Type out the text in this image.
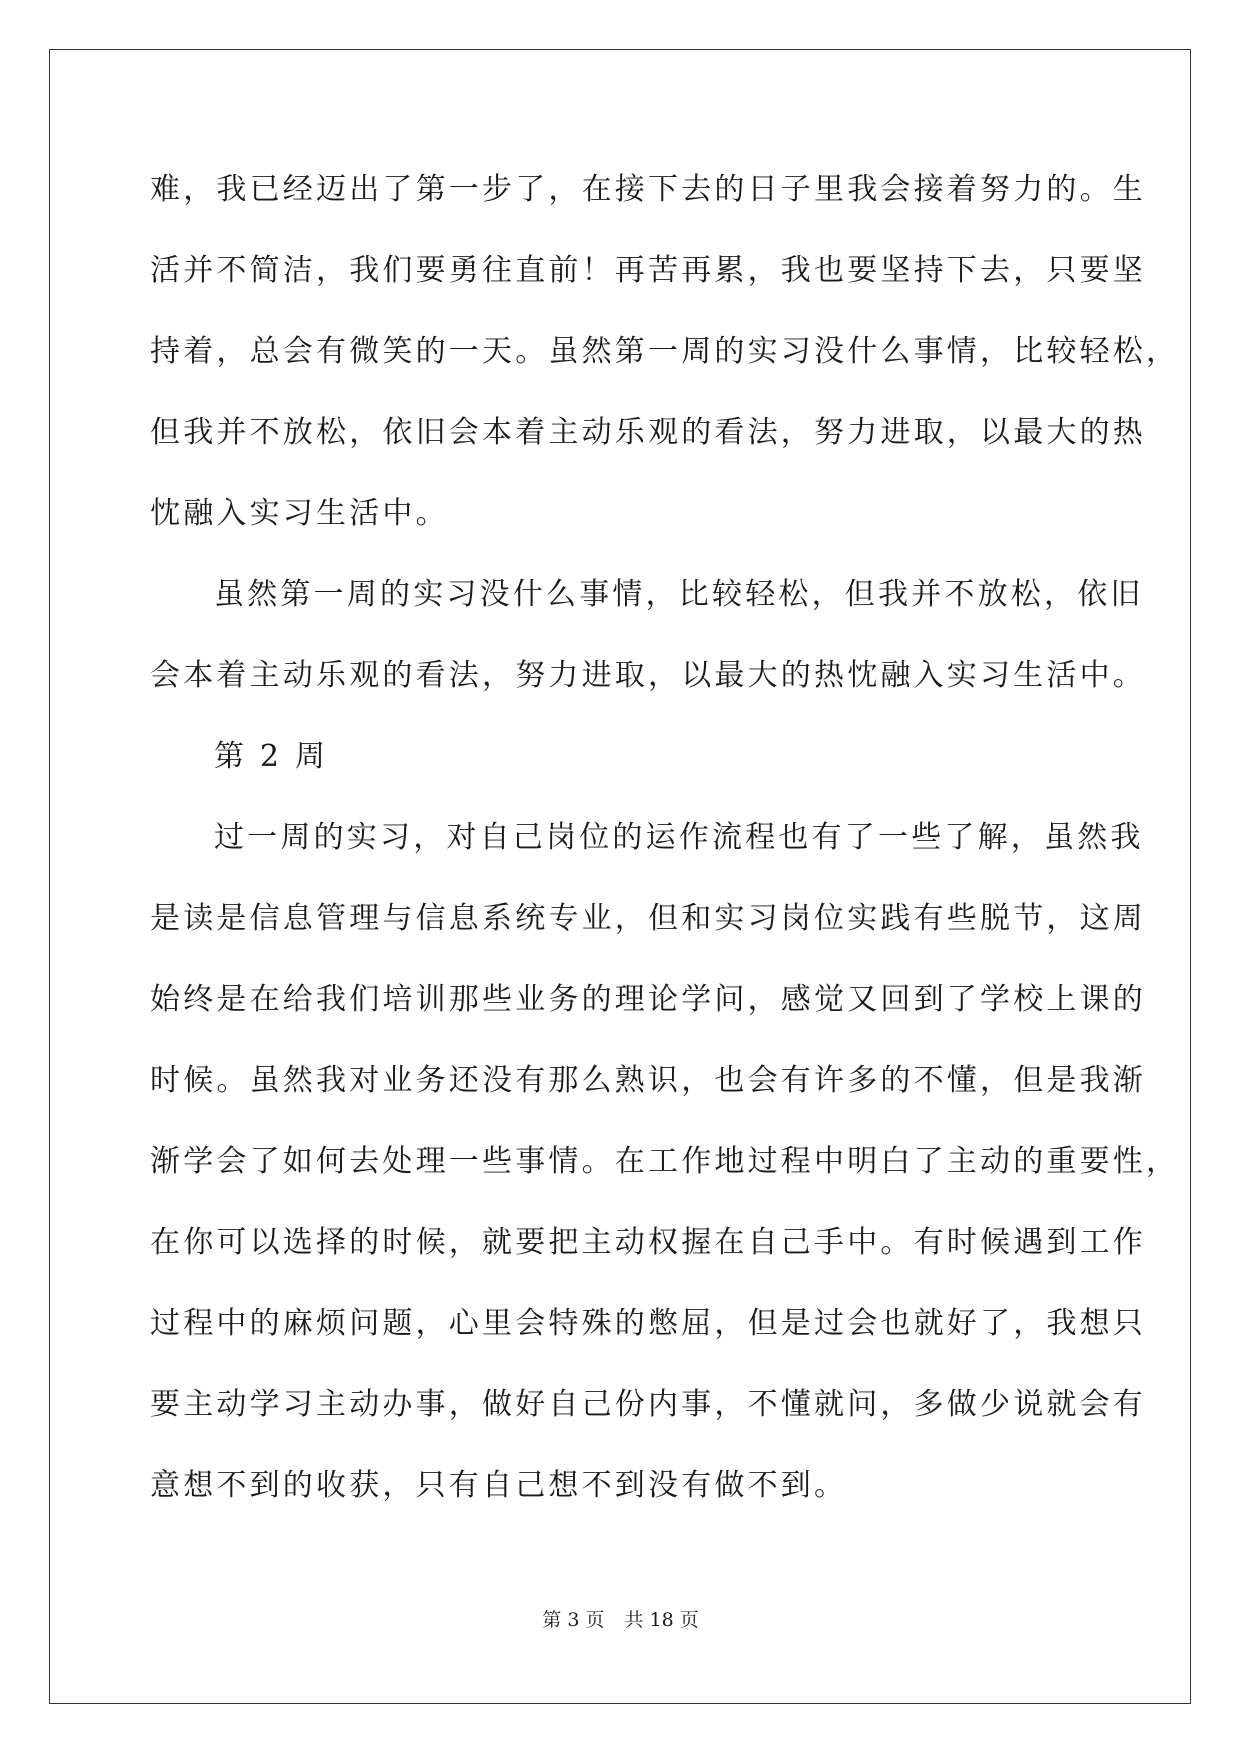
难，我已经迈出了第一步了，在接下去的日子里我会接着努力的。生
活并不简洁，我们要勇往直前！再苦再累，我也要坚持下去，只要坚
持着，总会有微笑的一天。虽然第一周的实习没什么事情，比较轻松，
但我并不放松，依旧会本着主动乐观的看法，努力进取，以最大的热
忱融入实习生活中。
虽然第一周的实习没什么事情，比较轻松，但我并不放松，依旧
会本着主动乐观的看法，努力进取，以最大的热忱融入实习生活中。
第 2 周
过一周的实习，对自己岗位的运作流程也有了一些了解，虽然我
是读是信息管理与信息系统专业，但和实习岗位实践有些脱节，这周
始终是在给我们培训那些业务的理论学问，感觉又回到了学校上课的
时候。虽然我对业务还没有那么熟识，也会有许多的不懂，但是我渐
渐学会了如何去处理一些事情。在工作地过程中明白了主动的重要性，
在你可以选择的时候，就要把主动权握在自己手中。有时候遇到工作
过程中的麻烦问题，心里会特殊的憋屈，但是过会也就好了，我想只
要主动学习主动办事，做好自己份内事，不懂就问，多做少说就会有
意想不到的收获，只有自己想不到没有做不到。
第 3 页 共 18 页
